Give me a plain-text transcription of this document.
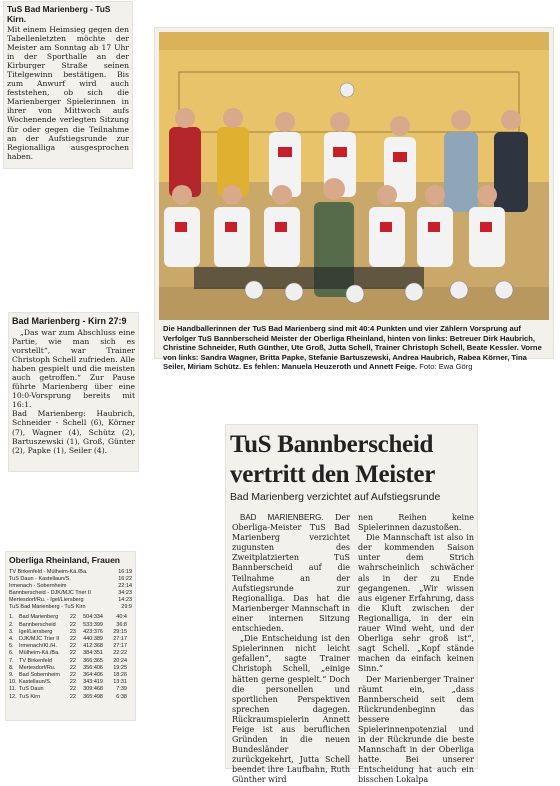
TuS Bad Marienberg - TuS Kirn.
Mit einem Heimsieg gegen den Tabellenletzten möchte der Meister am Sonntag ab 17 Uhr in der Sporthalle an der Kirburger Straße seinen Titelgewinn bestätigen. Bis zum Anwurf wird auch feststehen, ob sich die Marienberger Spielerinnen in ihrer von Mittwoch aufs Wochenende verlegten Sitzung für oder gegen die Teilnahme an der Aufstiegsrunde zur Regionalliga ausgesprochen haben.
Die Handballerinnen der TuS Bad Marienberg sind mit 40:4 Punkten und vier Zählern Vorsprung auf Verfolger TuS Bannberscheid Meister der Oberliga Rheinland, hinten von links: Betreuer Dirk Haubrich, Christine Schneider, Ruth Günther, Ute Groß, Jutta Schell, Trainer Christoph Schell, Beate Kessler. Vorne von links: Sandra Wagner, Britta Papke, Stefanie Bartuszewski, Andrea Haubrich, Rabea Körner, Tina Seiler, Miriam Schütz. Es fehlen: Manuela Heuzeroth und Annett Feige. Foto: Ewa Görg
Bad Marienberg - Kirn 27:9
„Das war zum Abschluss eine Partie, wie man sich es vorstellt“, war Trainer Christoph Schell zufrieden. Alle haben gespielt und die meisten auch getroffen.“ Zur Pause führte Marienberg über eine 10:0-Vorsprung bereits mit 16:1.
Bad Marienberg: Haubrich, Schneider - Schell (6), Körner (7), Wagner (4), Schütz (2), Bartuszewski (1), Groß, Günter (2), Papke (1), Seiler (4).
Oberliga Rheinland, Frauen
TV Birkenfeld - Mülheim-Kä./Ba.	16:19
TuS Daun - Kastellaun/S.	16:22
Irmenach - Sobernheim	22:14
Bannberscheid - DJK/MJC Trier II	34:23
Mertesdorf/Ru. - Igel/Liersberg	14:23
TuS Bad Marienberg - TuS Kirn	29:9
1. Bad Marienberg	22	504:334	40:4
2. Bannberscheid	22	533:399	36:8
3. Igel/Liersberg	23	423:376	29:15
4. DJK/MJC Trier II	22	440:389	27:17
5. Irmenach/Kl./H.	22	412:368	27:17
6. Mülheim-Kä./Ba.	22	384:351	22:22
7. TV Birkenfeld	22	366:365	20:24
8. Mertesdorf/Ru.	22	356:406	19:25
9. Bad Sobernheim	22	364:406	18:26
10. Kastellaun/S.	22	343:419	13:31
11. TuS Daun	22	309:468	7:39
12. TuS Kirn	22	365:498	6:38
TuS Bannberscheid
vertritt den Meister
Bad Marienberg verzichtet auf Aufstiegsrunde
BAD MARIENBERG. Der Oberliga-Meister TuS Bad Marienberg verzichtet zugunsten des Zweitplatzierten TuS Bannberscheid auf die Teilnahme an der Aufstiegsrunde zur Regionalliga. Das hat die Marienberger Mannschaft in einer internen Sitzung entschieden.
„Die Entscheidung ist den Spielerinnen nicht leicht gefallen“, sagte Trainer Christoph Schell, „einige hätten gerne gespielt.“ Doch die personellen und sportlichen Perspektiven sprechen dagegen. Rückraumspielerin Annett Feige ist aus beruflichen Gründen in die neuen Bundesländer zurückgekehrt, Jutta Schell beendet ihre Laufbahn, Ruth Günther wird
nen Reihen keine Spielerinnen dazustoßen.
Die Mannschaft ist also in der kommenden Saison unter dem Strich wahrscheinlich schwächer als in der zu Ende gegangenen. „Wir wissen aus eigener Erfahrung, dass die Kluft zwischen der Regionalliga, in der ein rauer Wind weht, und der Oberliga sehr groß ist“, sagt Schell. „Kopf stände machen da einfach keinen Sinn.“
Der Marienberger Trainer räumt ein, „dass Bannberscheid seit dem Rückrundenbeginn das bessere Spielerinnenpotenzial und in der Rückrunde die beste Mannschaft in der Oberliga hatte. Bei unserer Entscheidung hat auch ein bisschen Lokalpa
